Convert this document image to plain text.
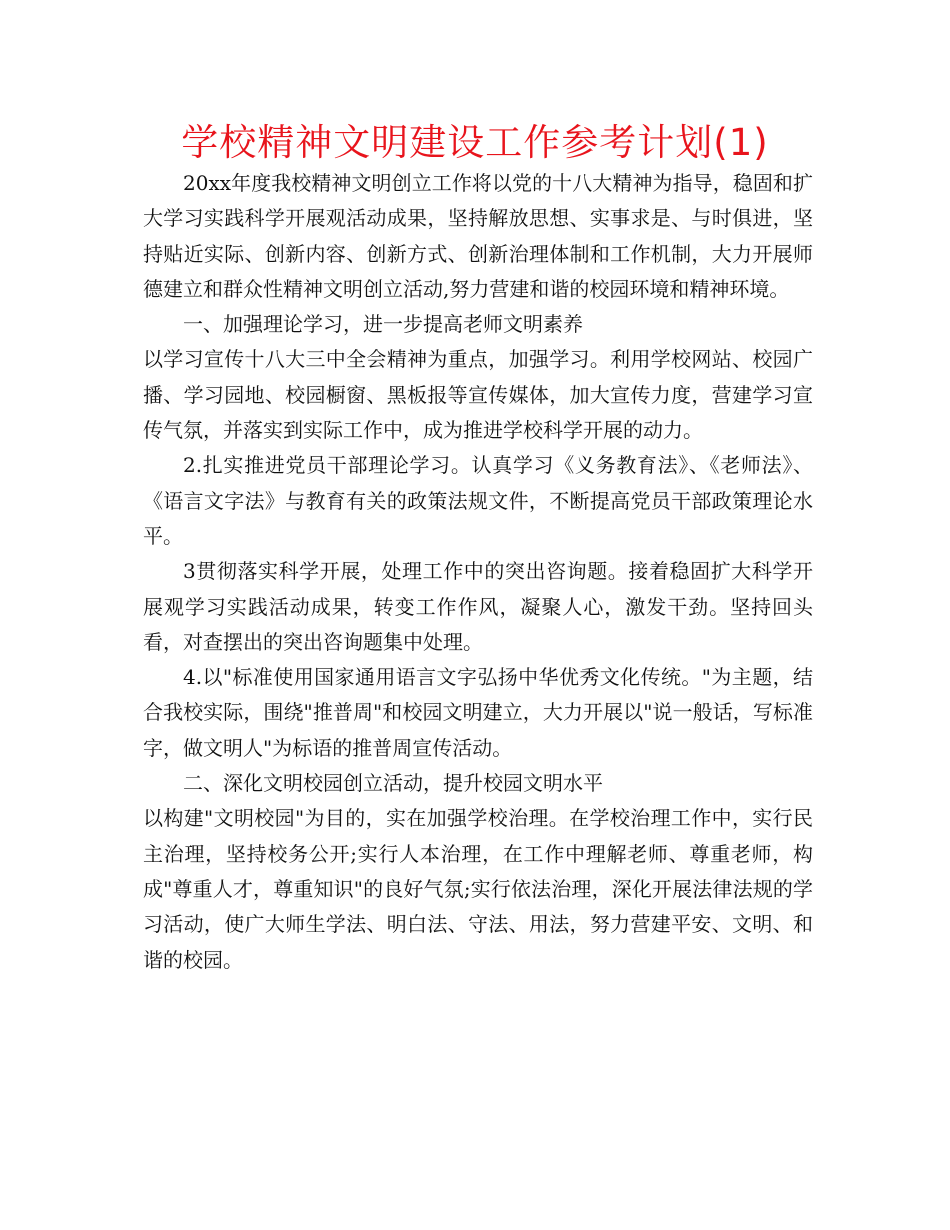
学校精神文明建设工作参考计划(1)

20xx年度我校精神文明创立工作将以党的十八大精神为指导，稳固和扩大学习实践科学开展观活动成果，坚持解放思想、实事求是、与时俱进，坚持贴近实际、创新内容、创新方式、创新治理体制和工作机制，大力开展师德建立和群众性精神文明创立活动,努力营建和谐的校园环境和精神环境。

一、加强理论学习，进一步提高老师文明素养

以学习宣传十八大三中全会精神为重点，加强学习。利用学校网站、校园广播、学习园地、校园橱窗、黑板报等宣传媒体，加大宣传力度，营建学习宣传气氛，并落实到实际工作中，成为推进学校科学开展的动力。

2.扎实推进党员干部理论学习。认真学习《义务教育法》、《老师法》、《语言文字法》与教育有关的政策法规文件，不断提高党员干部政策理论水平。

3贯彻落实科学开展，处理工作中的突出咨询题。接着稳固扩大科学开展观学习实践活动成果，转变工作作风，凝聚人心，激发干劲。坚持回头看，对查摆出的突出咨询题集中处理。

4.以"标准使用国家通用语言文字弘扬中华优秀文化传统。"为主题，结合我校实际，围绕"推普周"和校园文明建立，大力开展以"说一般话，写标准字，做文明人"为标语的推普周宣传活动。

二、深化文明校园创立活动，提升校园文明水平

以构建"文明校园"为目的，实在加强学校治理。在学校治理工作中，实行民主治理，坚持校务公开;实行人本治理，在工作中理解老师、尊重老师，构成"尊重人才，尊重知识"的良好气氛;实行依法治理，深化开展法律法规的学习活动，使广大师生学法、明白法、守法、用法，努力营建平安、文明、和谐的校园。
